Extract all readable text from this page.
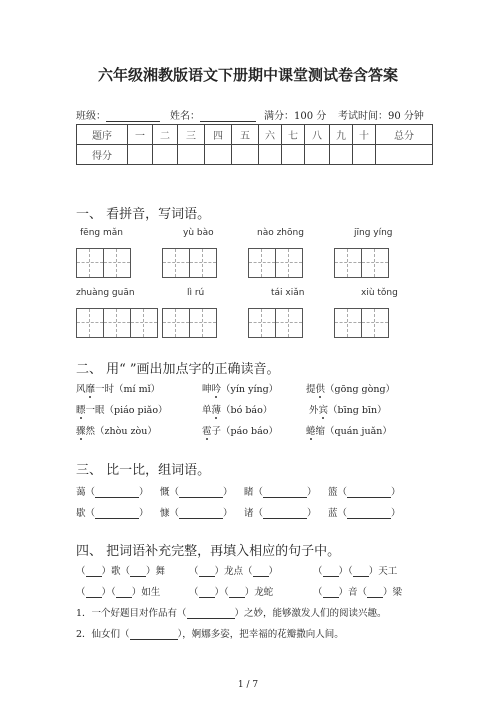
六年级湘教版语文下册期中课堂测试卷含答案
班级：	姓名：	满分：100 分 考试时间：90 分钟
题序	一	二	三	四	五	六	七	八	九	十	总分
得分											
一、 看拼音，写词语。
fēng mǎn	yù bào	nào zhōng	jīng yíng
zhuàng guān	lì rú	tái xiǎn	xiù tǒng
二、 用“ ”画出加点字的正确读音。
风靡一时（mí mǐ）	呻吟（yín yíng）	提供（gōng gòng）
瞟一眼（piáo piǎo）	单薄（bó báo）	外宾（bīng bīn）
骤然（zhòu zòu）	雹子（páo báo）	蜷缩（quán juǎn）
三、 比一比，组词语。
蔼（	） 慨（	） 睹（	） 篮（	）
歇（	） 慷（	） 诸（	） 蓝（	）
四、 把词语补充完整，再填入相应的句子中。
（ ）歌（ ）舞	（ ）龙点（ ）	（ ）（ ）天工
（ ）（ ）如生	（ ）（ ）龙蛇	（ ）音（ ）梁
1．一个好题目对作品有（	）之妙，能够激发人们的阅读兴趣。
2．仙女们（	），婀娜多姿，把幸福的花瓣撒向人间。
1 / 7
